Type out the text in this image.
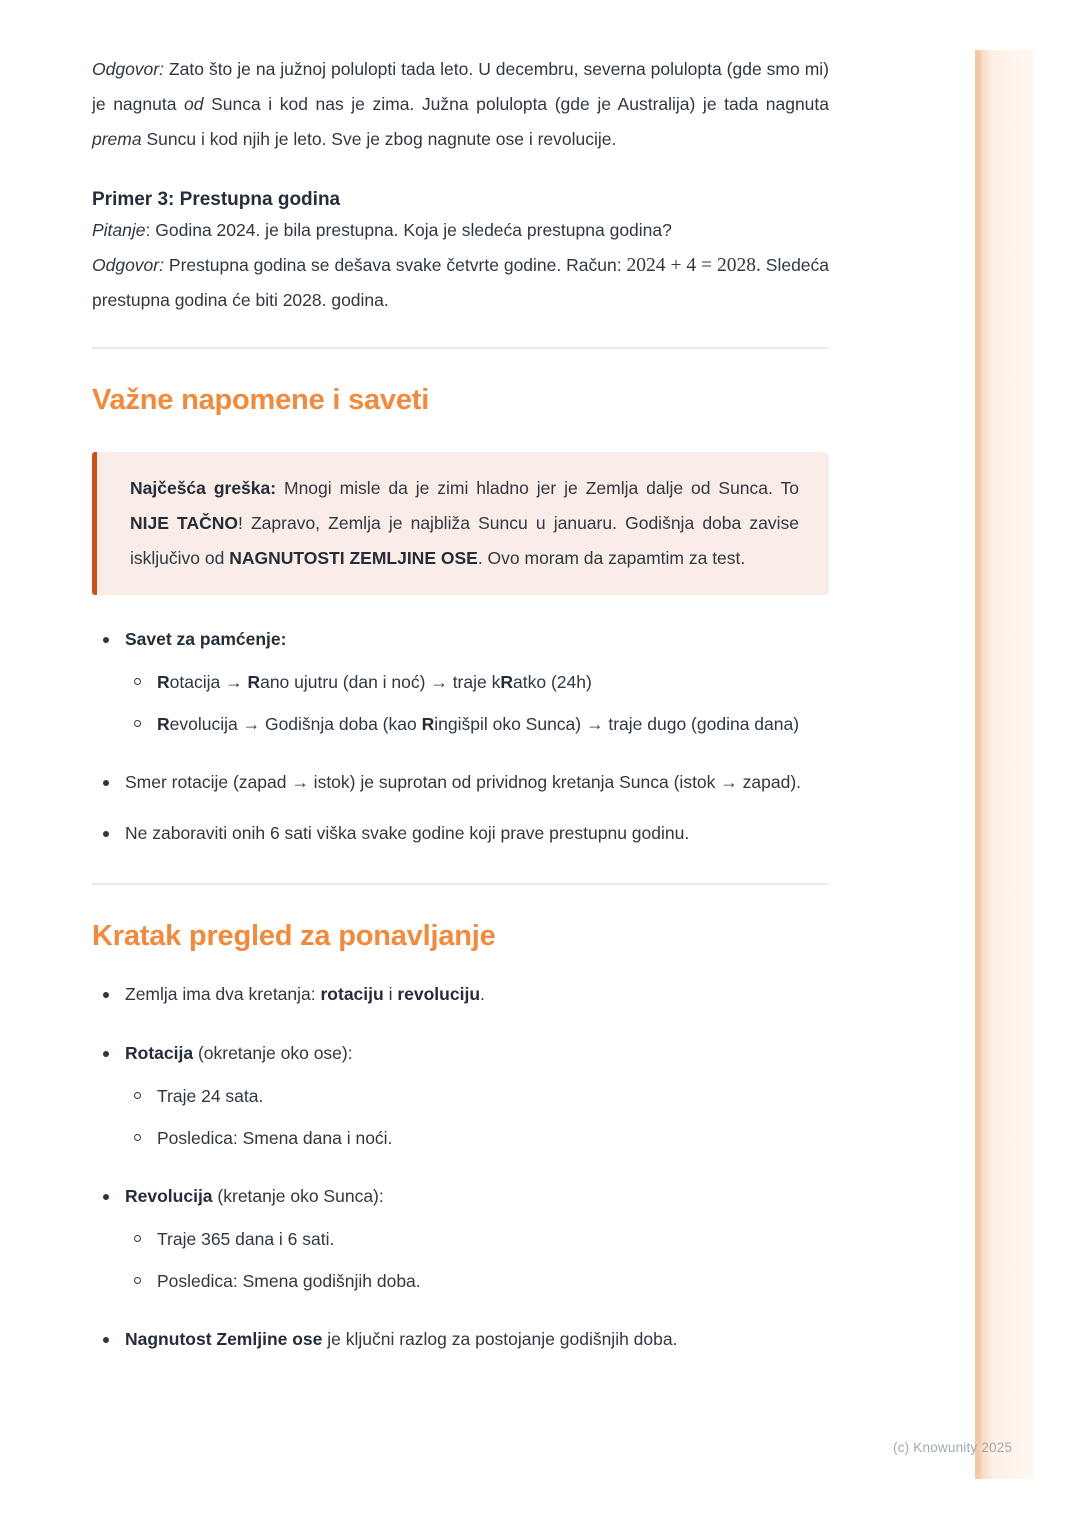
(c) Knowunity 2025

Odgovor: Zato što je na južnoj polulopti tada leto. U decembru, severna polulopta (gde smo mi) je nagnuta od Sunca i kod nas je zima. Južna polulopta (gde je Australija) je tada nagnuta prema Suncu i kod njih je leto. Sve je zbog nagnute ose i revolucije.

Primer 3: Prestupna godina

Pitanje: Godina 2024. je bila prestupna. Koja je sledeća prestupna godina?

Odgovor: Prestupna godina se dešava svake četvrte godine. Račun: 2024 + 4 = 2028. Sledeća prestupna godina će biti 2028. godina.

Važne napomene i saveti

Najčešća greška: Mnogi misle da je zimi hladno jer je Zemlja dalje od Sunca. To NIJE TAČNO! Zapravo, Zemlja je najbliža Suncu u januaru. Godišnja doba zavise isključivo od NAGNUTOSTI ZEMLJINE OSE. Ovo moram da zapamtim za test.

Savet za pamćenje:
Rotacija → Rano ujutru (dan i noć) → traje kRatko (24h)
Revolucija → Godišnja doba (kao Ringišpil oko Sunca) → traje dugo (godina dana)
Smer rotacije (zapad → istok) je suprotan od prividnog kretanja Sunca (istok → zapad).
Ne zaboraviti onih 6 sati viška svake godine koji prave prestupnu godinu.
Kratak pregled za ponavljanje
Zemlja ima dva kretanja: rotaciju i revoluciju.
Rotacija (okretanje oko ose):
Traje 24 sata.
Posledica: Smena dana i noći.
Revolucija (kretanje oko Sunca):
Traje 365 dana i 6 sati.
Posledica: Smena godišnjih doba.
Nagnutost Zemljine ose je ključni razlog za postojanje godišnjih doba.
